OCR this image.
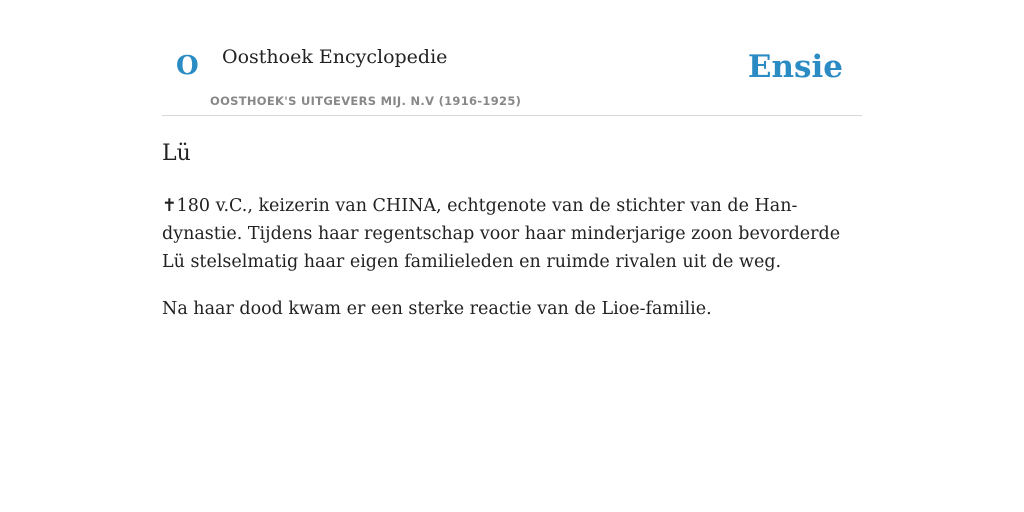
O Oosthoek Encyclopedie
OOSTHOEK'S UITGEVERS MIJ. N.V (1916-1925)
Ensie
Lü

✝180 v.C., keizerin van CHINA, echtgenote van de stichter van de Han-dynastie. Tijdens haar regentschap voor haar minderjarige zoon bevorderde Lü stelselmatig haar eigen familieleden en ruimde rivalen uit de weg.

Na haar dood kwam er een sterke reactie van de Lioe-familie.
